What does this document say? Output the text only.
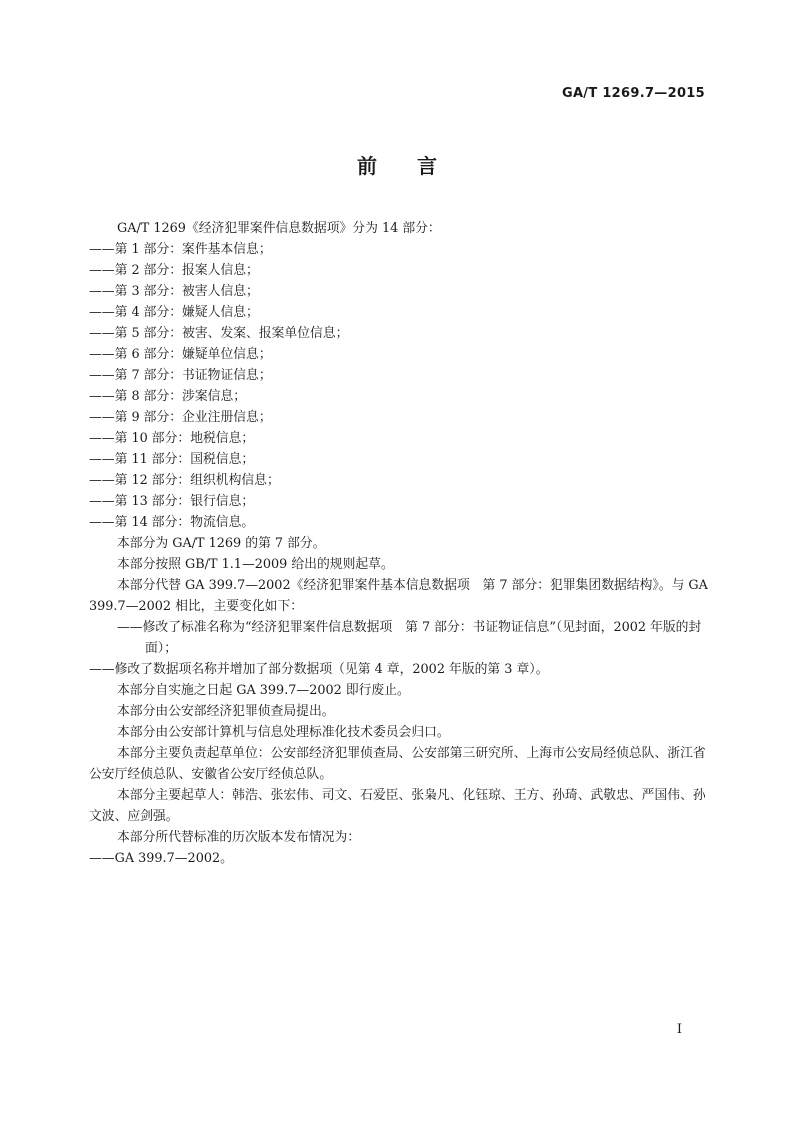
GA/T 1269.7—2015

前言

GA/T 1269《经济犯罪案件信息数据项》分为 14 部分：

——第 1 部分：案件基本信息；

——第 2 部分：报案人信息；

——第 3 部分：被害人信息；

——第 4 部分：嫌疑人信息；

——第 5 部分：被害、发案、报案单位信息；

——第 6 部分：嫌疑单位信息；

——第 7 部分：书证物证信息；

——第 8 部分：涉案信息；

——第 9 部分：企业注册信息；

——第 10 部分：地税信息；

——第 11 部分：国税信息；

——第 12 部分：组织机构信息；

——第 13 部分：银行信息；

——第 14 部分：物流信息。

本部分为 GA/T 1269 的第 7 部分。

本部分按照 GB/T 1.1—2009 给出的规则起草。

本部分代替 GA 399.7—2002《经济犯罪案件基本信息数据项　第 7 部分：犯罪集团数据结构》。与 GA 399.7—2002 相比，主要变化如下：

——修改了标准名称为“经济犯罪案件信息数据项　第 7 部分：书证物证信息”（见封面，2002 年版的封面）；

——修改了数据项名称并增加了部分数据项（见第 4 章，2002 年版的第 3 章）。

本部分自实施之日起 GA 399.7—2002 即行废止。

本部分由公安部经济犯罪侦查局提出。

本部分由公安部计算机与信息处理标准化技术委员会归口。

本部分主要负责起草单位：公安部经济犯罪侦查局、公安部第三研究所、上海市公安局经侦总队、浙江省公安厅经侦总队、安徽省公安厅经侦总队。

本部分主要起草人：韩浩、张宏伟、司文、石爱臣、张枭凡、化钰琼、王方、孙琦、武敬忠、严国伟、孙文波、应剑强。

本部分所代替标准的历次版本发布情况为：

——GA 399.7—2002。

I
